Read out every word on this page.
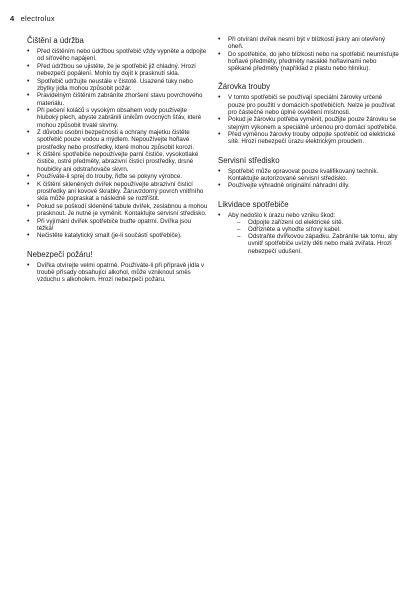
4 electrolux
Čištění a údržba
• Před čištěním nebo údržbou spotřebič vždy vypněte a odpojte od síťového napájení.
• Před údržbou se ujistěte, že je spotřebič již chladný. Hrozí nebezpečí popálení. Mohlo by dojít k prasknutí skla.
• Spotřebič udržujte neustále v čistotě. Usazené tuky nebo zbytky jídla mohou způsobit požár.
• Pravidelným čištěním zabráníte zhoršení stavu povrchového materiálu.
• Při pečení koláčů s vysokým obsahem vody používejte hluboký plech, abyste zabránili únikům ovocných šťáv, které mohou způsobit trvalé skvrny.
• Z důvodu osobní bezpečnosti a ochrany majetku čistěte spotřebič pouze vodou a mýdlem. Nepoužívejte hořlavé prostředky nebo prostředky, které mohou způsobit korozi.
• K čištění spotřebiče nepoužívejte parní čističe, vysokotlaké čističe, ostré předměty, abrazivní čisticí prostředky, drsné houbičky ani odstraňovače skvrn.
• Používáte-li sprej do trouby, řiďte se pokyny výrobce.
• K čištění skleněných dvířek nepoužívejte abrazivní čisticí prostředky ani kovové škrabky. Žáruvzdorný povrch vnitřního skla může popraskat a následně se roztříštit.
• Pokud se poškodí skleněné tabule dvířek, zeslabnou a mohou prasknout. Je nutné je vyměnit. Kontaktujte servisní středisko.
• Při vyjímání dvířek spotřebiče buďte opatrní. Dvířka jsou těžká!
• Nečistěte katalytický smalt (je-li součástí spotřebiče).
Nebezpečí požáru!
• Dvířka otvírejte velmi opatrně. Používáte-li při přípravě jídla v troubě přísady obsahující alkohol, může vzniknout směs vzduchu s alkoholem. Hrozí nebezpečí požáru.
• Při otvírání dvířek nesmí být v blízkosti jiskry ani otevřený oheň.
• Do spotřebiče, do jeho blízkosti nebo na spotřebič neumisťujte hořlavé předměty, předměty nasáklé hořlavinami nebo spékané předměty (například z plastu nebo hliníku).
Žárovka trouby
• V tomto spotřebiči se používají speciální žárovky určené pouze pro použití v domácích spotřebičích. Nelze je používat pro částečné nebo úplné osvětlení místnosti.
• Pokud je žárovku potřeba vyměnit, použijte pouze žárovku se stejným výkonem a speciálně určenou pro domácí spotřebiče.
• Před výměnou žárovky trouby odpojte spotřebič od elektrické sítě. Hrozí nebezpečí úrazu elektrickým proudem.
Servisní středisko
• Spotřebič může opravovat pouze kvalifikovaný technik. Kontaktujte autorizované servisní středisko.
• Používejte výhradně originální náhradní díly.
Likvidace spotřebiče
• Aby nedošlo k úrazu nebo vzniku škod:
– Odpojte zařízení od elektrické sítě.
– Odřízněte a vyhoďte síťový kabel.
– Odstraňte dvířkovou západku. Zabráníte tak tomu, aby uvnitř spotřebiče uvízly děti nebo malá zvířata. Hrozí nebezpečí udušení.
